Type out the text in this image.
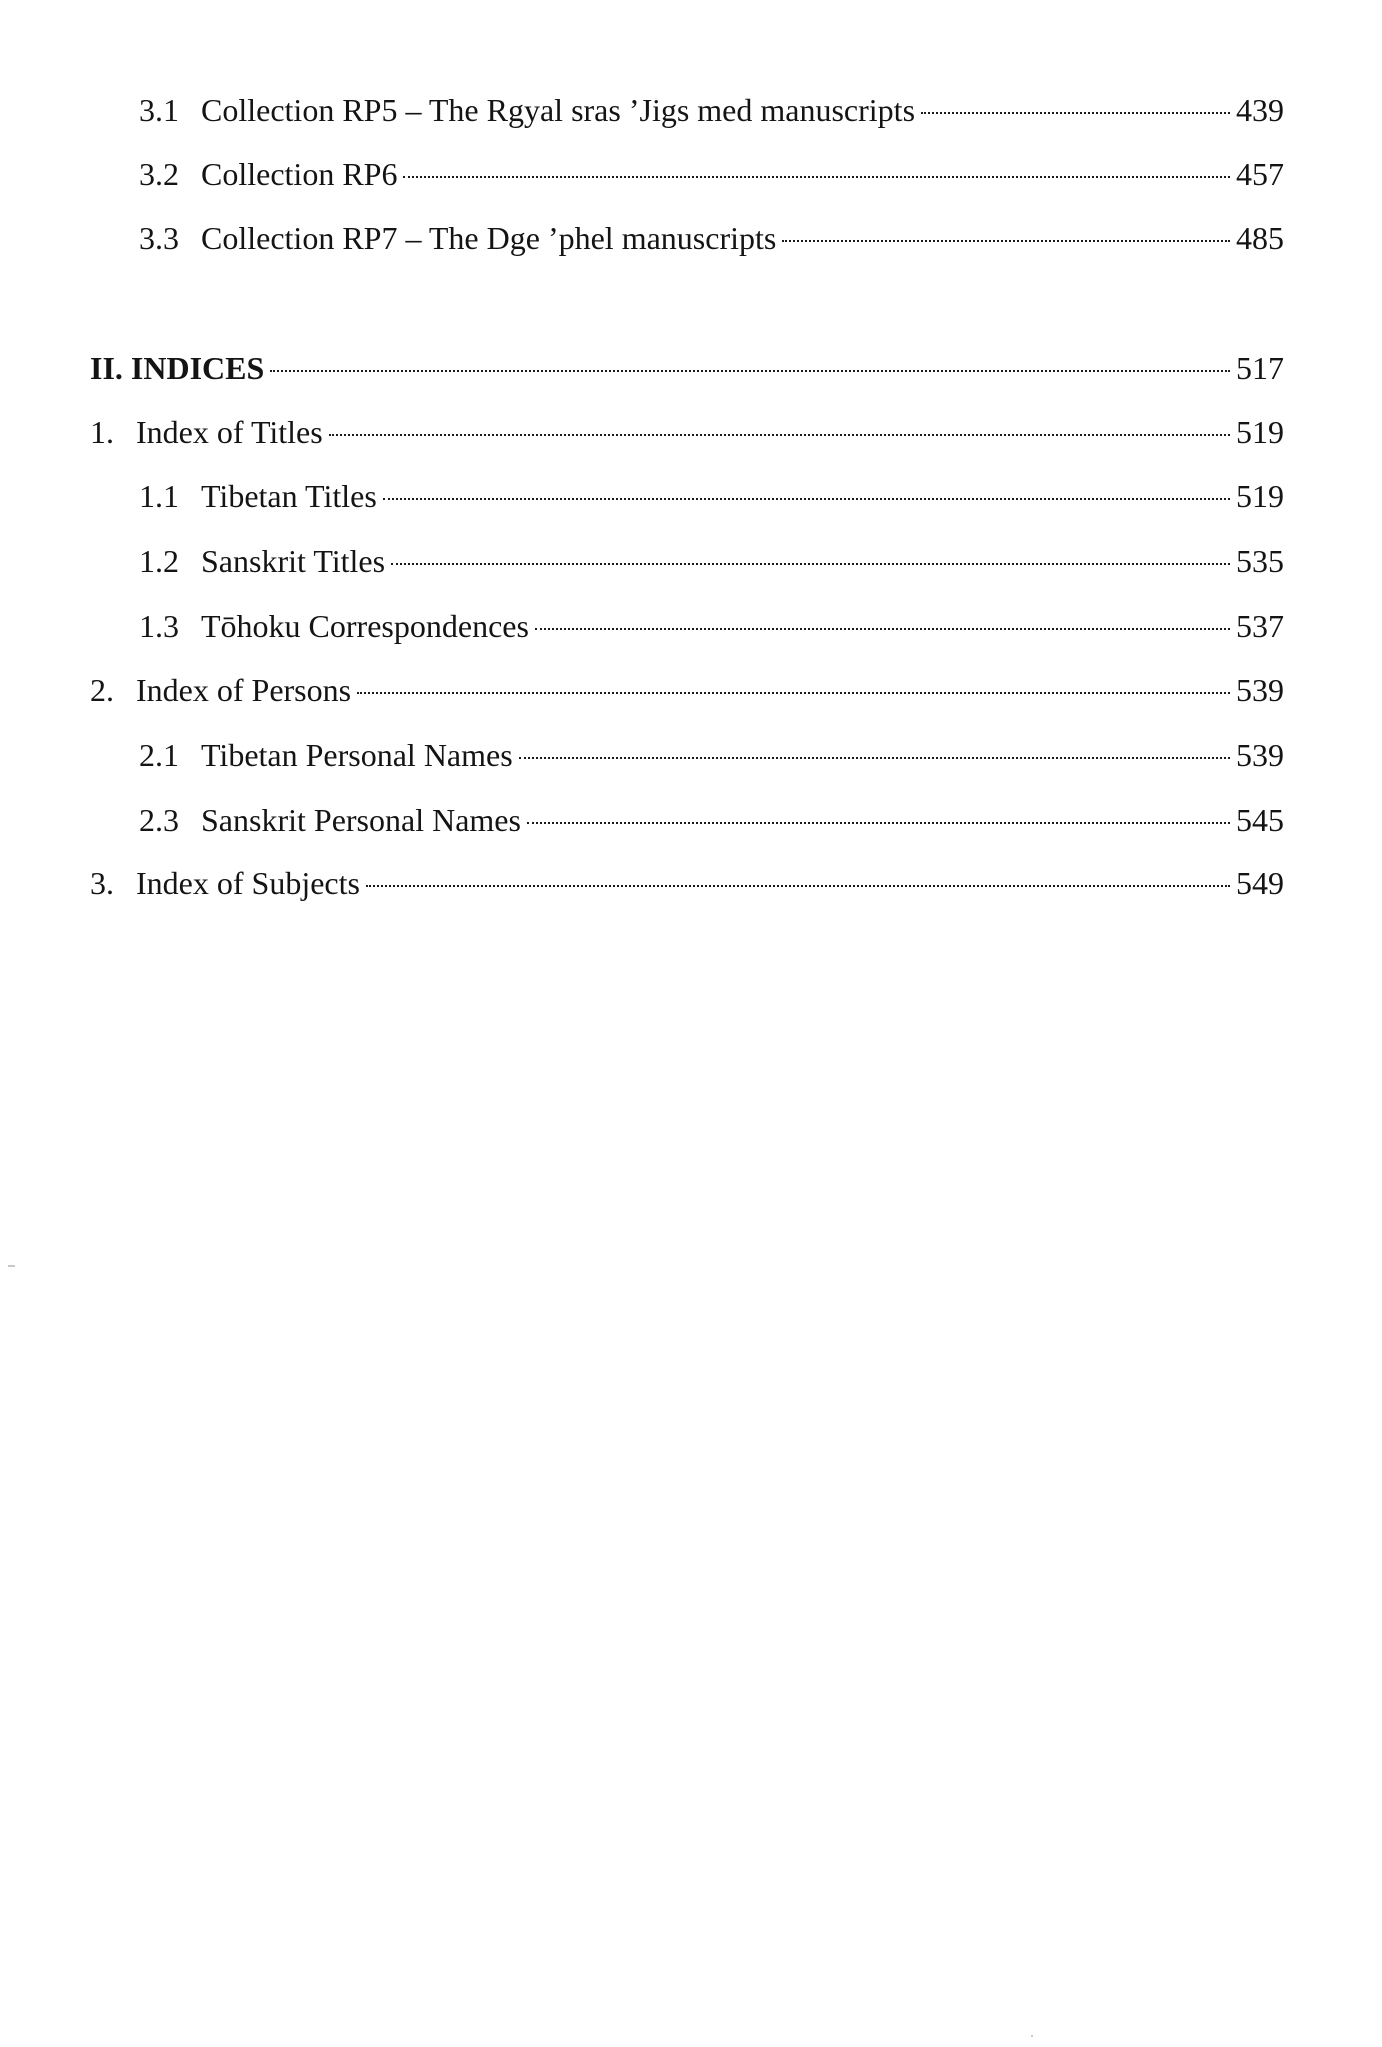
3.1 Collection RP5 – The Rgyal sras ’Jigs med manuscripts	439
3.2 Collection RP6	457
3.3 Collection RP7 – The Dge ’phel manuscripts	485
II. INDICES	517
1. Index of Titles	519
1.1 Tibetan Titles	519
1.2 Sanskrit Titles	535
1.3 Tōhoku Correspondences	537
2. Index of Persons	539
2.1 Tibetan Personal Names	539
2.3 Sanskrit Personal Names	545
3. Index of Subjects	549
